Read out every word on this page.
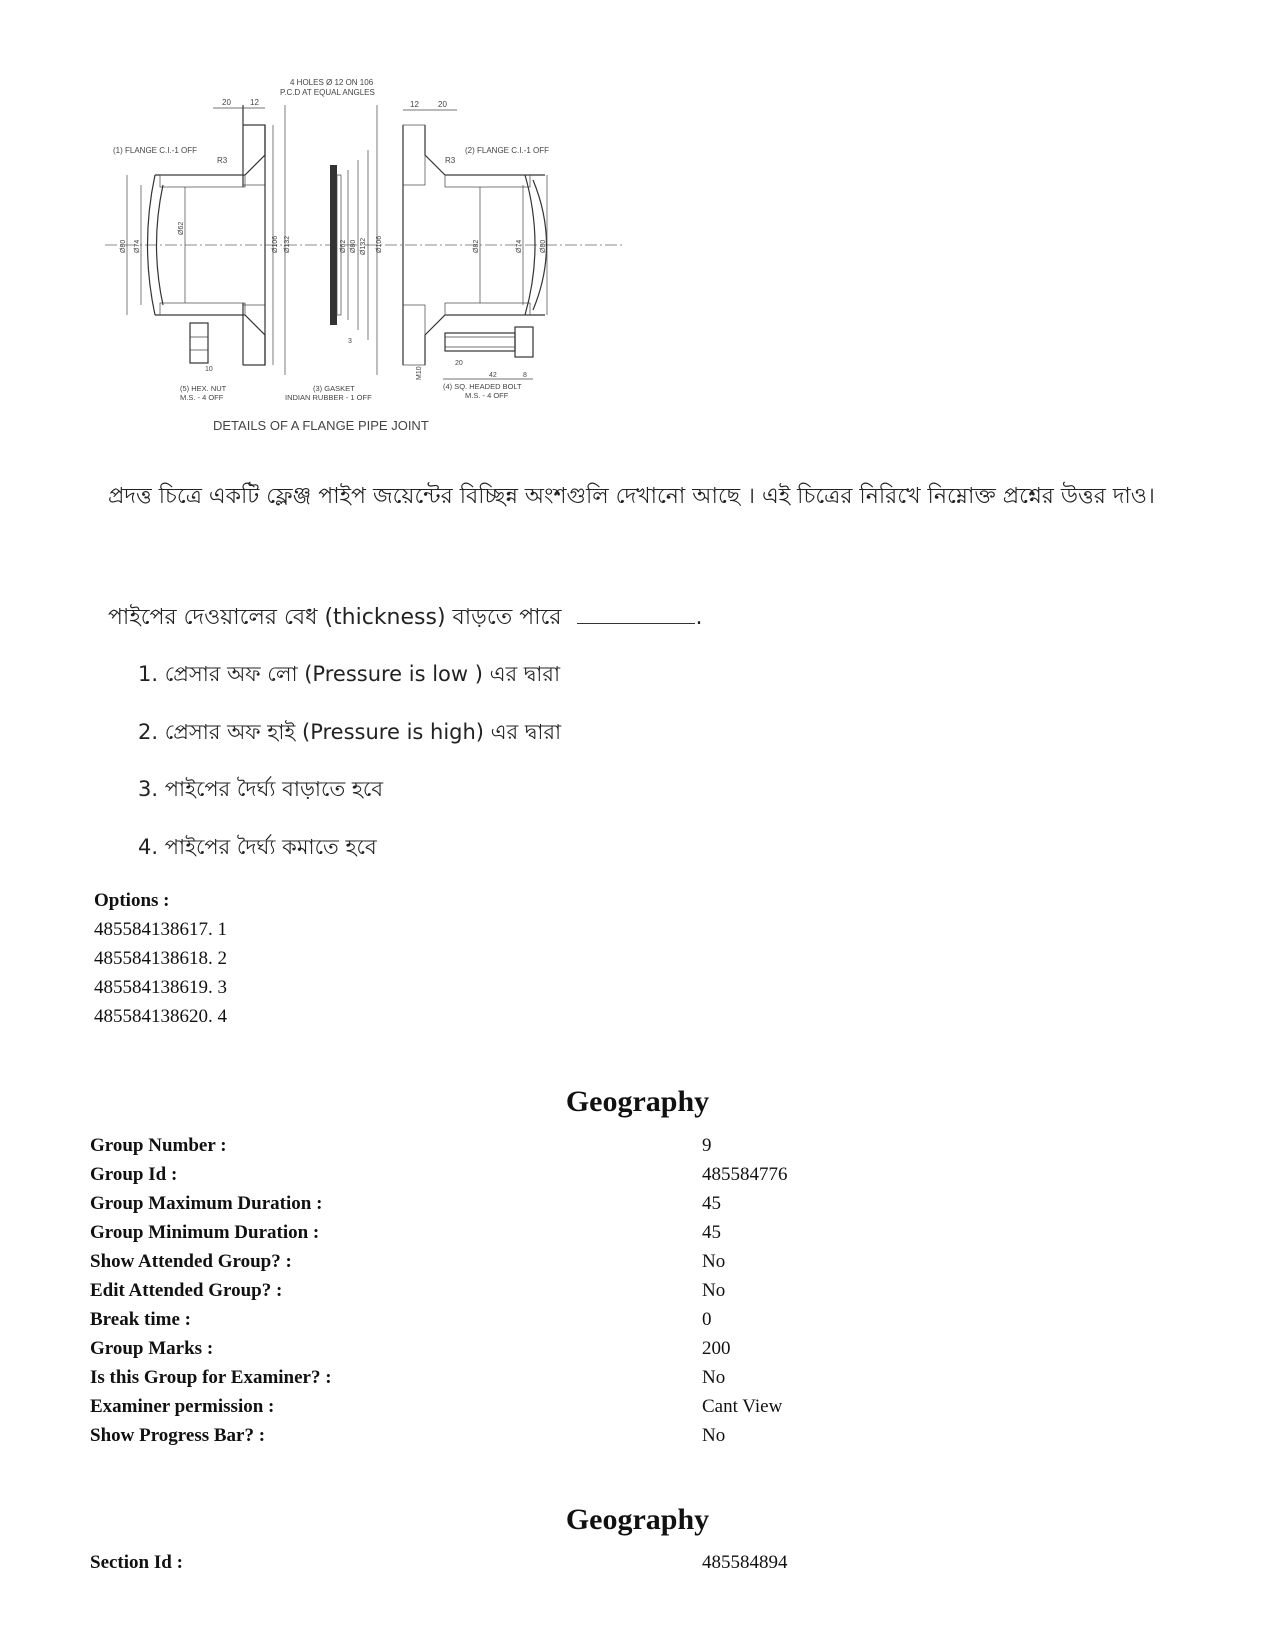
4 HOLES Ø 12 ON 106
P.C.D AT EQUAL ANGLES
20 12	12 20
(1) FLANGE C.I.-1 OFF	(2) FLANGE C.I.-1 OFF
R3	R3
Ø80 Ø74
Ø62
Ø106 Ø132
10
Ø62 Ø80 Ø132
3
Ø106	Ø82	Ø74 Ø80
20
42	8
M10
(5) HEX. NUT
M.S. - 4 OFF
(3) GASKET
INDIAN RUBBER - 1 OFF
(4) SQ. HEADED BOLT
M.S. - 4 OFF
DETAILS OF A FLANGE PIPE JOINT
প্রদত্ত চিত্রে একটি ফ্লেঞ্জ পাইপ জয়েন্টের বিচ্ছিন্ন অংশগুলি দেখানো আছে । এই চিত্রের নিরিখে নিম্নোক্ত প্রশ্নের উত্তর দাও।
পাইপের দেওয়ালের বেধ (thickness) বাড়তে পারে	.
1. প্রেসার অফ লো (Pressure is low ) এর দ্বারা
2. প্রেসার অফ হাই (Pressure is high) এর দ্বারা
3. পাইপের দৈর্ঘ্য বাড়াতে হবে
4. পাইপের দৈর্ঘ্য কমাতে হবে
Options :
485584138617. 1
485584138618. 2
485584138619. 3
485584138620. 4
Geography
Group Number :	9
Group Id :	485584776
Group Maximum Duration :	45
Group Minimum Duration :	45
Show Attended Group? :	No
Edit Attended Group? :	No
Break time :	0
Group Marks :	200
Is this Group for Examiner? :	No
Examiner permission :	Cant View
Show Progress Bar? :	No
Geography
Section Id :	485584894
